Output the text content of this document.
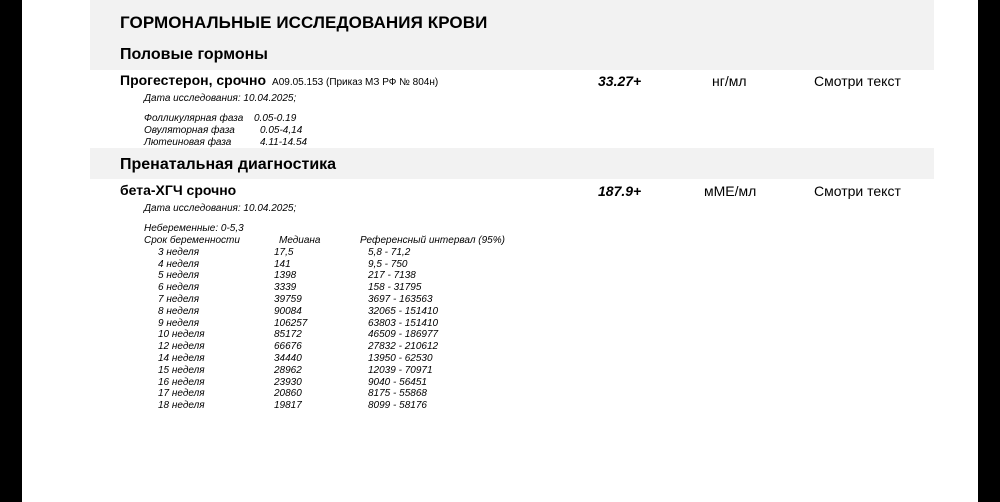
ГОРМОНАЛЬНЫЕ ИССЛЕДОВАНИЯ КРОВИ
Половые гормоны
Прогестерон, срочно A09.05.153 (Приказ МЗ РФ № 804н)	33.27+	нг/мл	Смотри текст
Дата исследования: 10.04.2025;
Фолликулярная фаза 0.05-0.19
Овуляторная фаза	0.05-4,14
Лютеиновая фаза	4.11-14.54
Пренатальная диагностика
бета-ХГЧ срочно	187.9+	мМЕ/мл	Смотри текст
Дата исследования: 10.04.2025;
Небеременные: 0-5,3
Срок беременности	Медиана	Референсный интервал (95%)
3 неделя	17,5	5,8 - 71,2
4 неделя	141	9,5 - 750
5 неделя	1398	217 - 7138
6 неделя	3339	158 - 31795
7 неделя	39759	3697 - 163563
8 неделя	90084	32065 - 151410
9 неделя	106257	63803 - 151410
10 неделя	85172	46509 - 186977
12 неделя	66676	27832 - 210612
14 неделя	34440	13950 - 62530
15 неделя	28962	12039 - 70971
16 неделя	23930	9040 - 56451
17 неделя	20860	8175 - 55868
18 неделя	19817	8099 - 58176
